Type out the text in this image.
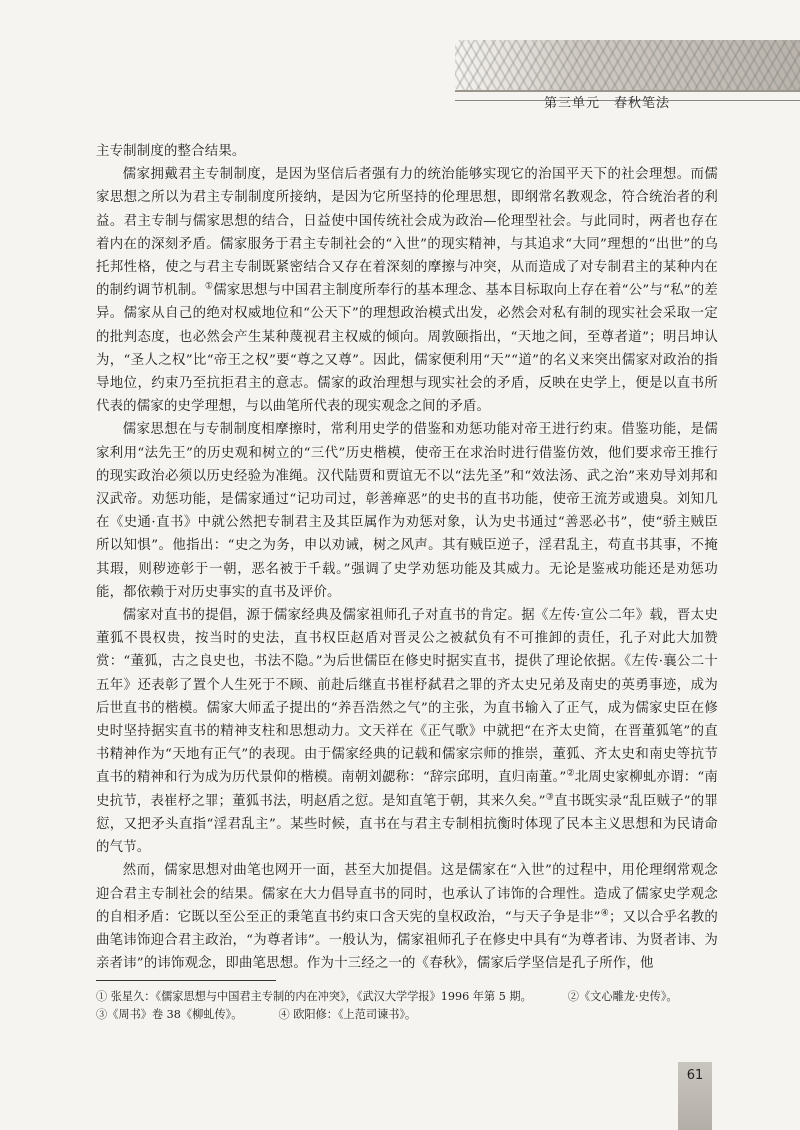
第三单元 春秋笔法

主专制制度的整合结果。

儒家拥戴君主专制制度，是因为坚信后者强有力的统治能够实现它的治国平天下的社会理想。而儒家思想之所以为君主专制制度所接纳，是因为它所坚持的伦理思想，即纲常名教观念，符合统治者的利益。君主专制与儒家思想的结合，日益使中国传统社会成为政治—伦理型社会。与此同时，两者也存在着内在的深刻矛盾。儒家服务于君主专制社会的“入世”的现实精神，与其追求“大同”理想的“出世”的乌托邦性格，使之与君主专制既紧密结合又存在着深刻的摩擦与冲突，从而造成了对专制君主的某种内在的制约调节机制。①儒家思想与中国君主制度所奉行的基本理念、基本目标取向上存在着“公”与“私”的差异。儒家从自己的绝对权威地位和“公天下”的理想政治模式出发，必然会对私有制的现实社会采取一定的批判态度，也必然会产生某种蔑视君主权威的倾向。周敦颐指出，“天地之间，至尊者道”；明吕坤认为，“圣人之权”比“帝王之权”要“尊之又尊”。因此，儒家便利用“天”“道”的名义来突出儒家对政治的指导地位，约束乃至抗拒君主的意志。儒家的政治理想与现实社会的矛盾，反映在史学上，便是以直书所代表的儒家的史学理想，与以曲笔所代表的现实观念之间的矛盾。

儒家思想在与专制制度相摩擦时，常利用史学的借鉴和劝惩功能对帝王进行约束。借鉴功能，是儒家利用“法先王”的历史观和树立的“三代”历史楷模，使帝王在求治时进行借鉴仿效，他们要求帝王推行的现实政治必须以历史经验为准绳。汉代陆贾和贾谊无不以“法先圣”和“效法汤、武之治”来劝导刘邦和汉武帝。劝惩功能，是儒家通过“记功司过，彰善瘅恶”的史书的直书功能，使帝王流芳或遗臭。刘知几在《史通·直书》中就公然把专制君主及其臣属作为劝惩对象，认为史书通过“善恶必书”，使“骄主贼臣所以知惧”。他指出：“史之为务，申以劝诫，树之风声。其有贼臣逆子，淫君乱主，苟直书其事，不掩其瑕，则秽迹彰于一朝，恶名被于千载。”强调了史学劝惩功能及其威力。无论是鉴戒功能还是劝惩功能，都依赖于对历史事实的直书及评价。

儒家对直书的提倡，源于儒家经典及儒家祖师孔子对直书的肯定。据《左传·宣公二年》载，晋太史董狐不畏权贵，按当时的史法，直书权臣赵盾对晋灵公之被弑负有不可推卸的责任，孔子对此大加赞赏：“董狐，古之良史也，书法不隐。”为后世儒臣在修史时据实直书，提供了理论依据。《左传·襄公二十五年》还表彰了置个人生死于不顾、前赴后继直书崔杼弑君之罪的齐太史兄弟及南史的英勇事迹，成为后世直书的楷模。儒家大师孟子提出的“养吾浩然之气”的主张，为直书输入了正气，成为儒家史臣在修史时坚持据实直书的精神支柱和思想动力。文天祥在《正气歌》中就把“在齐太史简，在晋董狐笔”的直书精神作为“天地有正气”的表现。由于儒家经典的记载和儒家宗师的推崇，董狐、齐太史和南史等抗节直书的精神和行为成为历代景仰的楷模。南朝刘勰称：“辞宗邱明，直归南董。”②北周史家柳虬亦谓：“南史抗节，表崔杼之罪；董狐书法，明赵盾之愆。是知直笔于朝，其来久矣。”③直书既实录“乱臣贼子”的罪愆，又把矛头直指“淫君乱主”。某些时候，直书在与君主专制相抗衡时体现了民本主义思想和为民请命的气节。

然而，儒家思想对曲笔也网开一面，甚至大加提倡。这是儒家在“入世”的过程中，用伦理纲常观念迎合君主专制社会的结果。儒家在大力倡导直书的同时，也承认了讳饰的合理性。造成了儒家史学观念的自相矛盾：它既以至公至正的秉笔直书约束口含天宪的皇权政治，“与天子争是非”④；又以合乎名教的曲笔讳饰迎合君主政治，“为尊者讳”。一般认为，儒家祖师孔子在修史中具有“为尊者讳、为贤者讳、为亲者讳”的讳饰观念，即曲笔思想。作为十三经之一的《春秋》，儒家后学坚信是孔子所作，他

① 张星久：《儒家思想与中国君主专制的内在冲突》，《武汉大学学报》1996 年第 5 期。	②《文心雕龙·史传》。
③《周书》卷 38《柳虬传》。	④ 欧阳修：《上范司谏书》。
61
